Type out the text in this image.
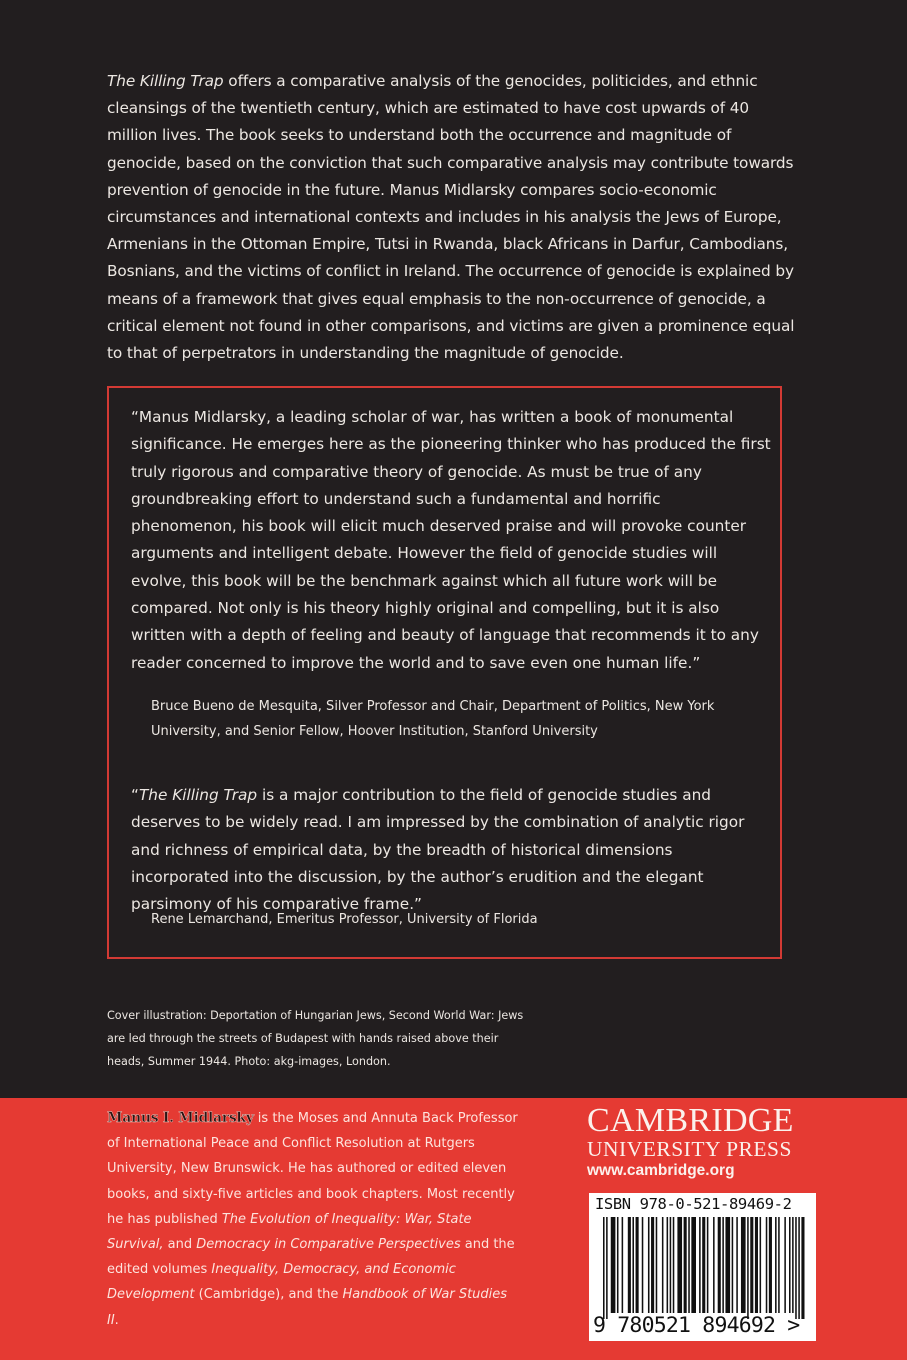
The Killing Trap offers a comparative analysis of the genocides, politicides, and ethnic cleansings of the twentieth century, which are estimated to have cost upwards of 40 million lives. The book seeks to understand both the occurrence and magnitude of genocide, based on the conviction that such comparative analysis may contribute towards prevention of genocide in the future. Manus Midlarsky compares socio-economic circumstances and international contexts and includes in his analysis the Jews of Europe, Armenians in the Ottoman Empire, Tutsi in Rwanda, black Africans in Darfur, Cambodians, Bosnians, and the victims of conflict in Ireland. The occurrence of genocide is explained by means of a framework that gives equal emphasis to the non-occurrence of genocide, a critical element not found in other comparisons, and victims are given a prominence equal to that of perpetrators in understanding the magnitude of genocide.

“Manus Midlarsky, a leading scholar of war, has written a book of monumental significance. He emerges here as the pioneering thinker who has produced the first truly rigorous and comparative theory of genocide. As must be true of any groundbreaking effort to understand such a fundamental and horrific phenomenon, his book will elicit much deserved praise and will provoke counter arguments and intelligent debate. However the field of genocide studies will evolve, this book will be the benchmark against which all future work will be compared. Not only is his theory highly original and compelling, but it is also written with a depth of feeling and beauty of language that recommends it to any reader concerned to improve the world and to save even one human life.”

Bruce Bueno de Mesquita, Silver Professor and Chair, Department of Politics, New York University, and Senior Fellow, Hoover Institution, Stanford University

“The Killing Trap is a major contribution to the field of genocide studies and deserves to be widely read. I am impressed by the combination of analytic rigor and richness of empirical data, by the breadth of historical dimensions incorporated into the discussion, by the author’s erudition and the elegant parsimony of his comparative frame.”

Rene Lemarchand, Emeritus Professor, University of Florida

Cover illustration: Deportation of Hungarian Jews, Second World War: Jews are led through the streets of Budapest with hands raised above their heads, Summer 1944. Photo: akg-images, London.

Manus I. Midlarsky is the Moses and Annuta Back Professor of International Peace and Conflict Resolution at Rutgers University, New Brunswick. He has authored or edited eleven books, and sixty-five articles and book chapters. Most recently he has published The Evolution of Inequality: War, State Survival, and Democracy in Comparative Perspectives and the edited volumes Inequality, Democracy, and Economic Development (Cambridge), and the Handbook of War Studies II.

CAMBRIDGE

UNIVERSITY PRESS

www.cambridge.org

ISBN 978-0-521-89469-2
9 780521 894692 >
